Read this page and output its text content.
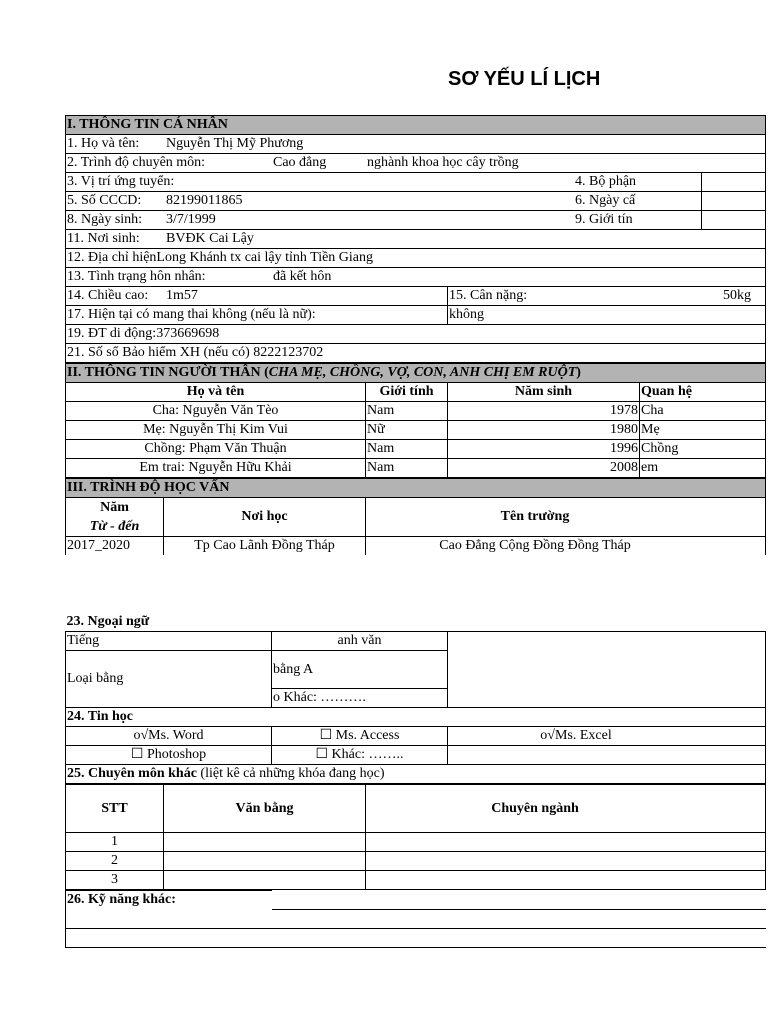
SƠ YẾU LÍ LỊCH
I. THÔNG TIN CÁ NHÂN
1. Họ và tên: Nguyễn Thị Mỹ Phương
2. Trình độ chuyên môn:	Cao đẳng	nghành khoa học cây trồng
3. Vị trí ứng tuyển:	4. Bộ phận
5. Số CCCD: 82199011865	6. Ngày cấ
8. Ngày sinh: 3/7/1999	9. Giới tín
11. Nơi sinh: BVĐK Cai Lậy
12. Địa chỉ hiệnLong Khánh tx cai lậy tỉnh Tiền Giang
13. Tình trạng hôn nhân:	đã kết hôn
14. Chiều cao: 1m57	15. Cân nặng:	50kg
17. Hiện tại có mang thai không (nếu là nữ):	không
19. ĐT di động:373669698
21. Số sổ Bảo hiểm XH (nếu có) 8222123702
II. THÔNG TIN NGƯỜI THÂN (CHA MẸ, CHỒNG, VỢ, CON, ANH CHỊ EM RUỘT)			
Họ và tên	Giới tính	Năm sinh	Quan hệ
Cha: Nguyễn Văn Tèo	Nam	1978	Cha
Mẹ: Nguyễn Thị Kim Vui	Nữ	1980	Mẹ
Chồng: Phạm Văn Thuận	Nam	1996	Chồng
Em trai: Nguyễn Hữu Khải	Nam	2008	em
III. TRÌNH ĐỘ HỌC VẤN		
Năm
Từ - đến	Nơi học	Tên trường
2017_2020	Tp Cao Lãnh Đồng Tháp	Cao Đẳng Cộng Đồng Đồng Tháp
23. Ngoại ngữ		
Tiếng	anh văn	
Loại bằng	bằng A	
	o Khác: ……….	
24. Tin học		
o√Ms. Word	☐ Ms. Access	o√Ms. Excel
☐ Photoshop	☐ Khác: ……..	
25. Chuyên môn khác (liệt kê cả những khóa đang học)		
STT	Văn bằng	Chuyên ngành
1		
2		
3		
26. Kỹ năng khác:	
